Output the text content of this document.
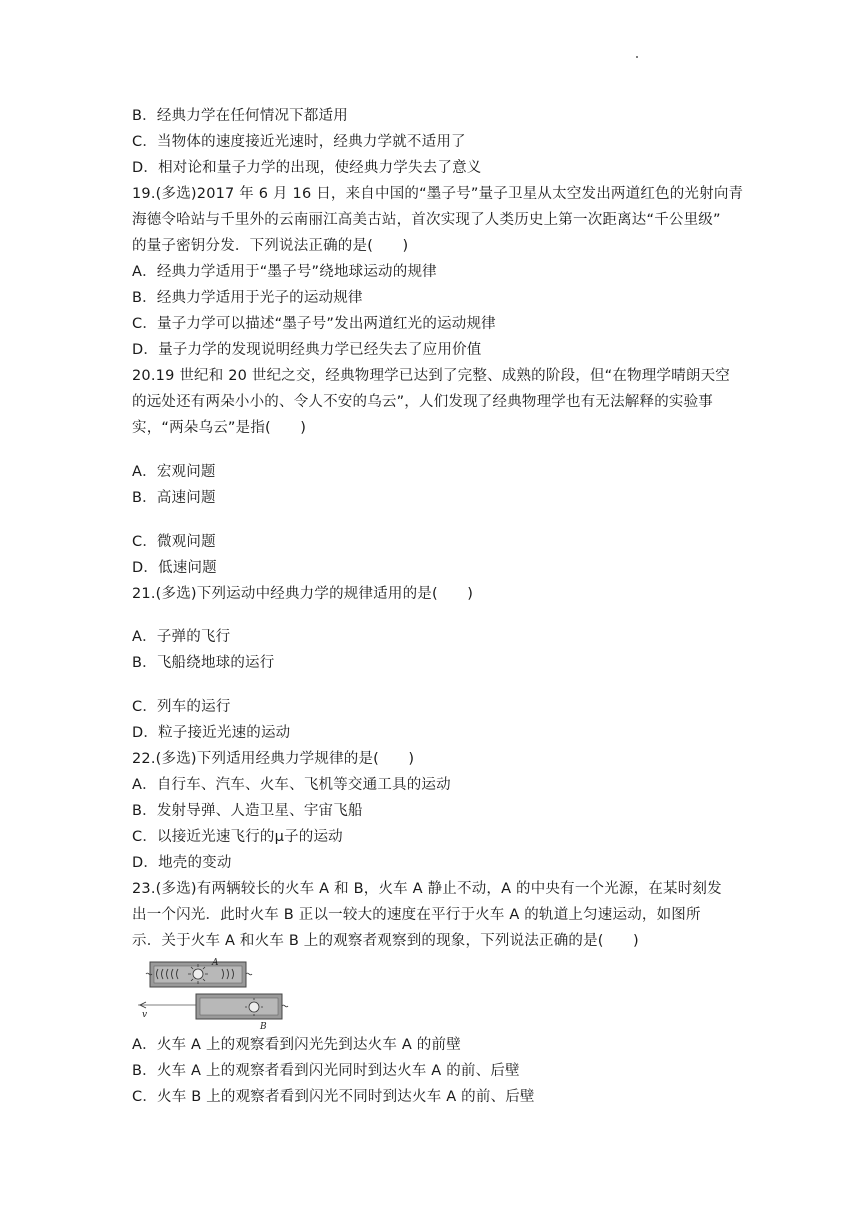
B．经典力学在任何情况下都适用
C．当物体的速度接近光速时，经典力学就不适用了
D．相对论和量子力学的出现，使经典力学失去了意义
19.(多选)2017 年 6 月 16 日，来自中国的“墨子号”量子卫星从太空发出两道红色的光射向青
海德令哈站与千里外的云南丽江高美古站，首次实现了人类历史上第一次距离达“千公里级”
的量子密钥分发．下列说法正确的是(　　)
A．经典力学适用于“墨子号”绕地球运动的规律
B．经典力学适用于光子的运动规律
C．量子力学可以描述“墨子号”发出两道红光的运动规律
D．量子力学的发现说明经典力学已经失去了应用价值
20.19 世纪和 20 世纪之交，经典物理学已达到了完整、成熟的阶段，但“在物理学晴朗天空
的远处还有两朵小小的、令人不安的乌云”，人们发现了经典物理学也有无法解释的实验事
实，“两朵乌云”是指(　　)
A．宏观问题
B．高速问题
C．微观问题
D．低速问题
21.(多选)下列运动中经典力学的规律适用的是(　　)
A．子弹的飞行
B．飞船绕地球的运行
C．列车的运行
D．粒子接近光速的运动
22.(多选)下列适用经典力学规律的是(　　)
A．自行车、汽车、火车、飞机等交通工具的运动
B．发射导弹、人造卫星、宇宙飞船
C．以接近光速飞行的μ子的运动
D．地壳的变动
23.(多选)有两辆较长的火车 A 和 B，火车 A 静止不动，A 的中央有一个光源，在某时刻发
出一个闪光．此时火车 B 正以一较大的速度在平行于火车 A 的轨道上匀速运动，如图所
示．关于火车 A 和火车 B 上的观察者观察到的现象，下列说法正确的是(　　)
A．火车 A 上的观察看到闪光先到达火车 A 的前壁
B．火车 A 上的观察者看到闪光同时到达火车 A 的前、后壁
C．火车 B 上的观察者看到闪光不同时到达火车 A 的前、后壁
A
v
B
